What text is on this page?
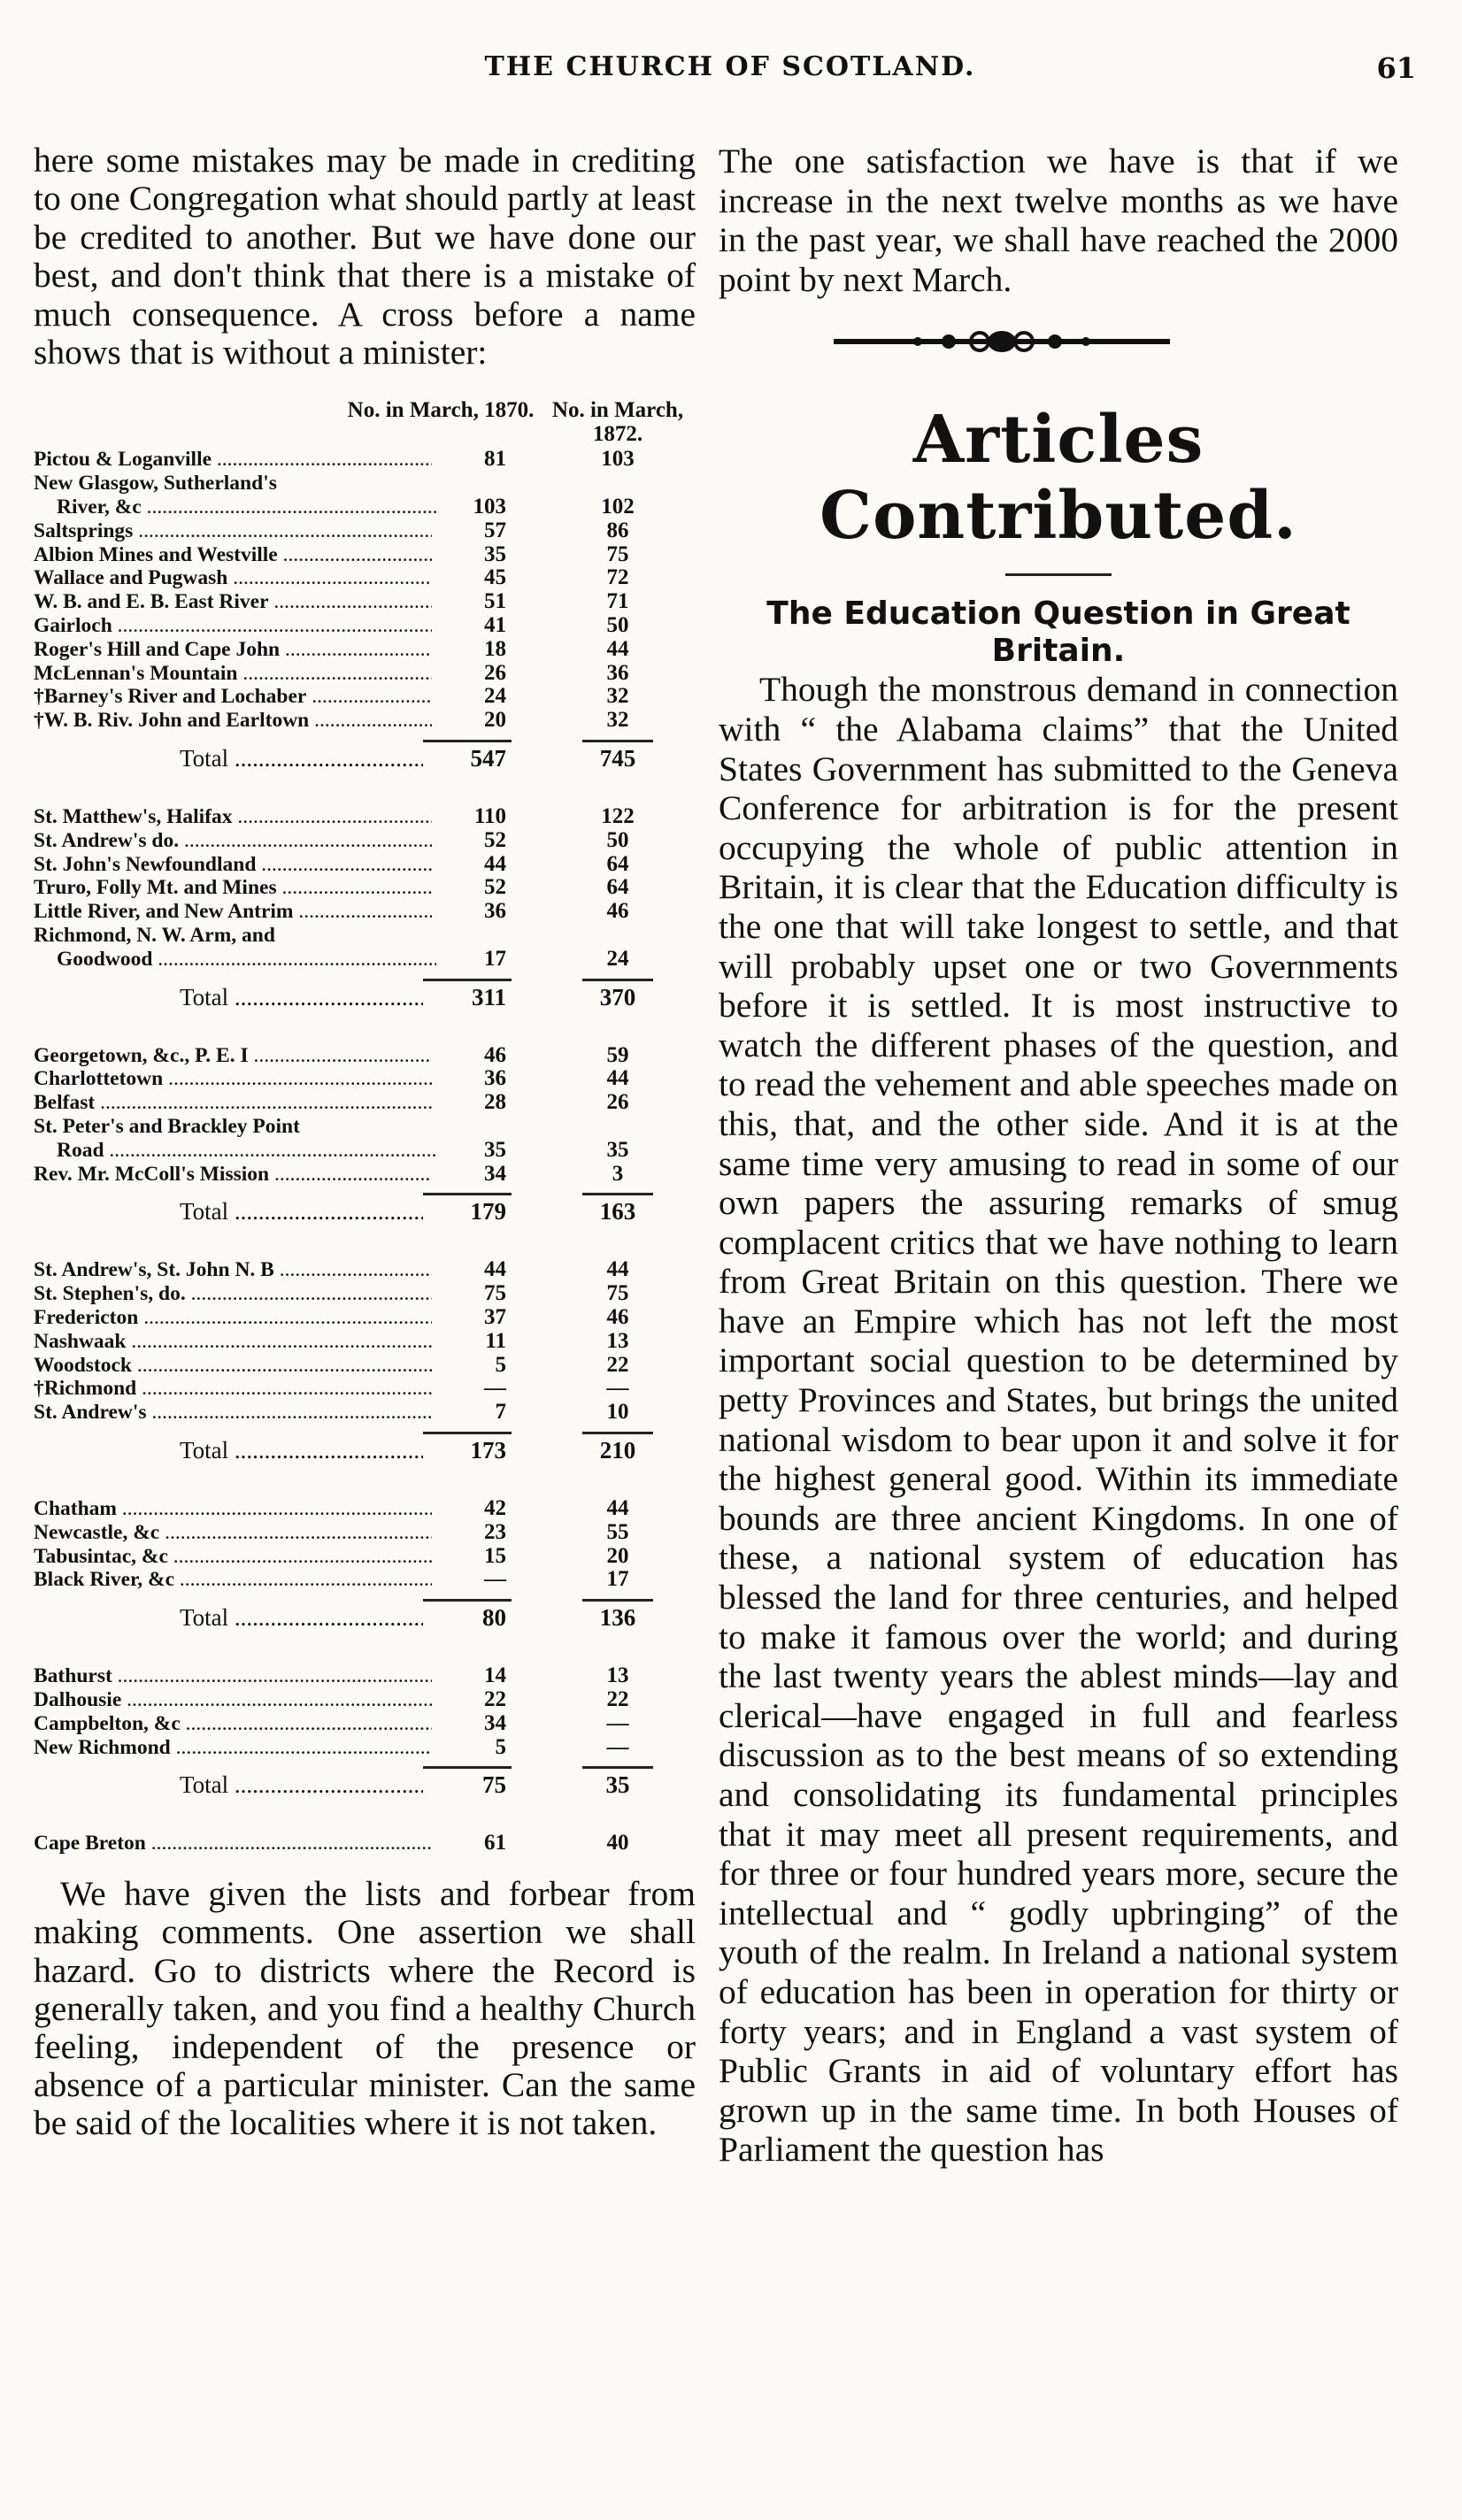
THE CHURCH OF SCOTLAND.	61

here some mistakes may be made in crediting to one Congregation what should partly at least be credited to another. But we have done our best, and don't think that there is a mistake of much consequence. A cross before a name shows that is without a minister:

No. in March, 1870. No. in March, 1872.
Pictou & Loganville .....	81	103
New Glasgow, Sutherland's
River, &c .....	103	102
Saltsprings .....	57	86
Albion Mines and Westville .....	35	75
Wallace and Pugwash .....	45	72
W. B. and E. B. East River .....	51	71
Gairloch .....	41	50
Roger's Hill and Cape John .....	18	44
McLennan's Mountain .....	26	36
†Barney's River and Lochaber .....	24	32
†W. B. Riv. John and Earltown .....	20	32
Total .....	547	745
St. Matthew's, Halifax .....	110	122
St. Andrew's do. .....	52	50
St. John's Newfoundland .....	44	64
Truro, Folly Mt. and Mines .....	52	64
Little River, and New Antrim .....	36	46
Richmond, N. W. Arm, and
Goodwood .....	17	24
Total .....	311	370
Georgetown, &c., P. E. I .....	46	59
Charlottetown .....	36	44
Belfast .....	28	26
St. Peter's and Brackley Point
Road .....	35	35
Rev. Mr. McColl's Mission .....	34	3
Total .....	179	163
St. Andrew's, St. John N. B .....	44	44
St. Stephen's, do. .....	75	75
Fredericton .....	37	46
Nashwaak .....	11	13
Woodstock .....	5	22
†Richmond .....	—	—
St. Andrew's .....	7	10
Total .....	173	210
Chatham .....	42	44
Newcastle, &c .....	23	55
Tabusintac, &c .....	15	20
Black River, &c .....	—	17
Total .....	80	136
Bathurst .....	14	13
Dalhousie .....	22	22
Campbelton, &c .....	34	—
New Richmond .....	5	—
Total .....	75	35
Cape Breton .....	61	40

We have given the lists and forbear from making comments. One assertion we shall hazard. Go to districts where the Record is generally taken, and you find a healthy Church feeling, independent of the presence or absence of a particular minister. Can the same be said of the localities where it is not taken.

The one satisfaction we have is that if we increase in the next twelve months as we have in the past year, we shall have reached the 2000 point by next March.

Articles Contributed.
The Education Question in Great Britain.

Though the monstrous demand in connection with “ the Alabama claims” that the United States Government has submitted to the Geneva Conference for arbitration is for the present occupying the whole of public attention in Britain, it is clear that the Education difficulty is the one that will take longest to settle, and that will probably upset one or two Governments before it is settled. It is most instructive to watch the different phases of the question, and to read the vehement and able speeches made on this, that, and the other side. And it is at the same time very amusing to read in some of our own papers the assuring remarks of smug complacent critics that we have nothing to learn from Great Britain on this question. There we have an Empire which has not left the most important social question to be determined by petty Provinces and States, but brings the united national wisdom to bear upon it and solve it for the highest general good. Within its immediate bounds are three ancient Kingdoms. In one of these, a national system of education has blessed the land for three centuries, and helped to make it famous over the world; and during the last twenty years the ablest minds—lay and clerical—have engaged in full and fearless discussion as to the best means of so extending and consolidating its fundamental principles that it may meet all present requirements, and for three or four hundred years more, secure the intellectual and “ godly upbringing” of the youth of the realm. In Ireland a national system of education has been in operation for thirty or forty years; and in England a vast system of Public Grants in aid of voluntary effort has grown up in the same time. In both Houses of Parliament the question has
